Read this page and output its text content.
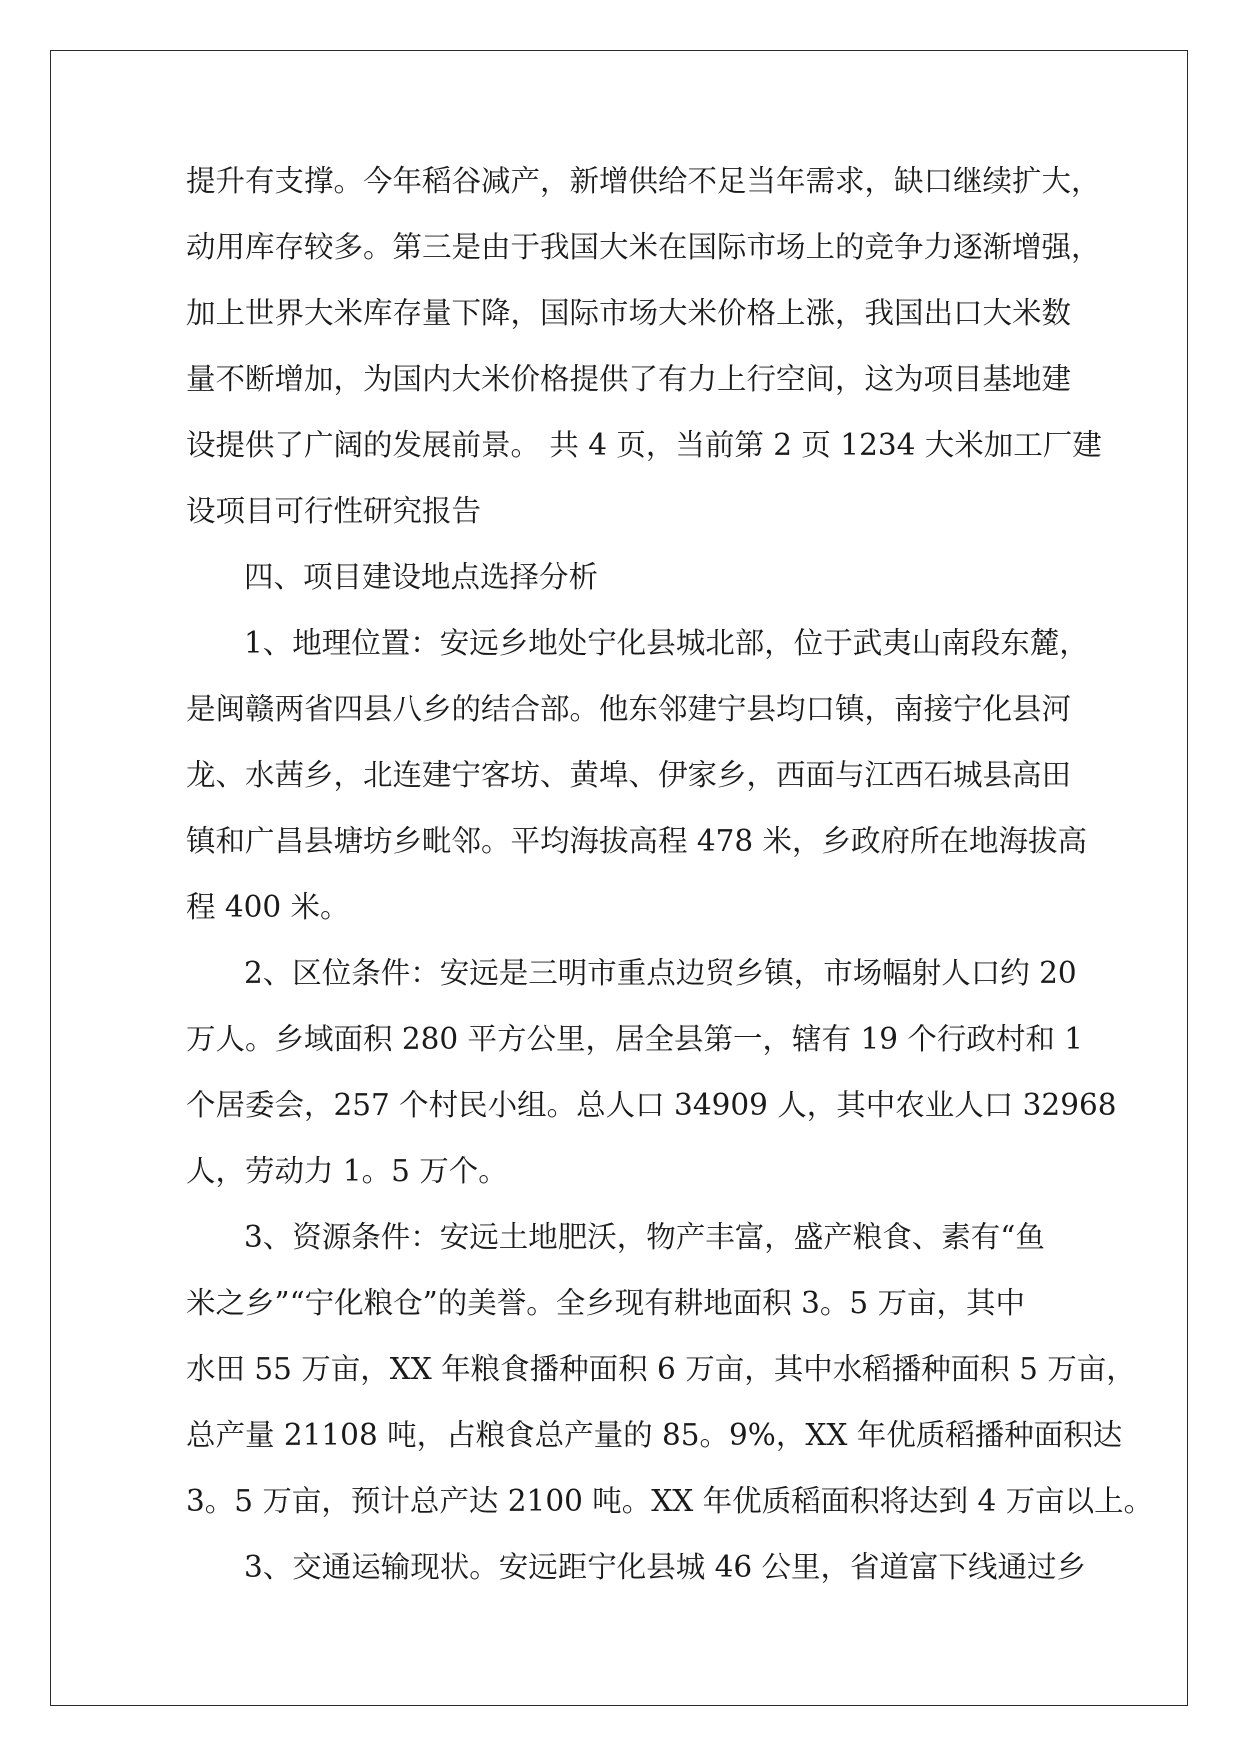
提升有支撑。今年稻谷减产，新增供给不足当年需求，缺口继续扩大，

动用库存较多。第三是由于我国大米在国际市场上的竞争力逐渐增强，

加上世界大米库存量下降，国际市场大米价格上涨，我国出口大米数

量不断增加，为国内大米价格提供了有力上行空间，这为项目基地建

设提供了广阔的发展前景。 共 4 页，当前第 2 页 1234 大米加工厂建

设项目可行性研究报告

四、项目建设地点选择分析

1、地理位置：安远乡地处宁化县城北部，位于武夷山南段东麓，

是闽赣两省四县八乡的结合部。他东邻建宁县均口镇，南接宁化县河

龙、水茜乡，北连建宁客坊、黄埠、伊家乡，西面与江西石城县高田

镇和广昌县塘坊乡毗邻。平均海拔高程 478 米，乡政府所在地海拔高

程 400 米。

2、区位条件：安远是三明市重点边贸乡镇，市场幅射人口约 20

万人。乡域面积 280 平方公里，居全县第一，辖有 19 个行政村和 1

个居委会，257 个村民小组。总人口 34909 人，其中农业人口 32968

人，劳动力 1。5 万个。

3、资源条件：安远土地肥沃，物产丰富，盛产粮食、素有“鱼

米之乡”“宁化粮仓”的美誉。全乡现有耕地面积 3。5 万亩，其中

水田 55 万亩，XX 年粮食播种面积 6 万亩，其中水稻播种面积 5 万亩，

总产量 21108 吨，占粮食总产量的 85。9%，XX 年优质稻播种面积达

3。5 万亩，预计总产达 2100 吨。XX 年优质稻面积将达到 4 万亩以上。

3、交通运输现状。安远距宁化县城 46 公里，省道富下线通过乡
